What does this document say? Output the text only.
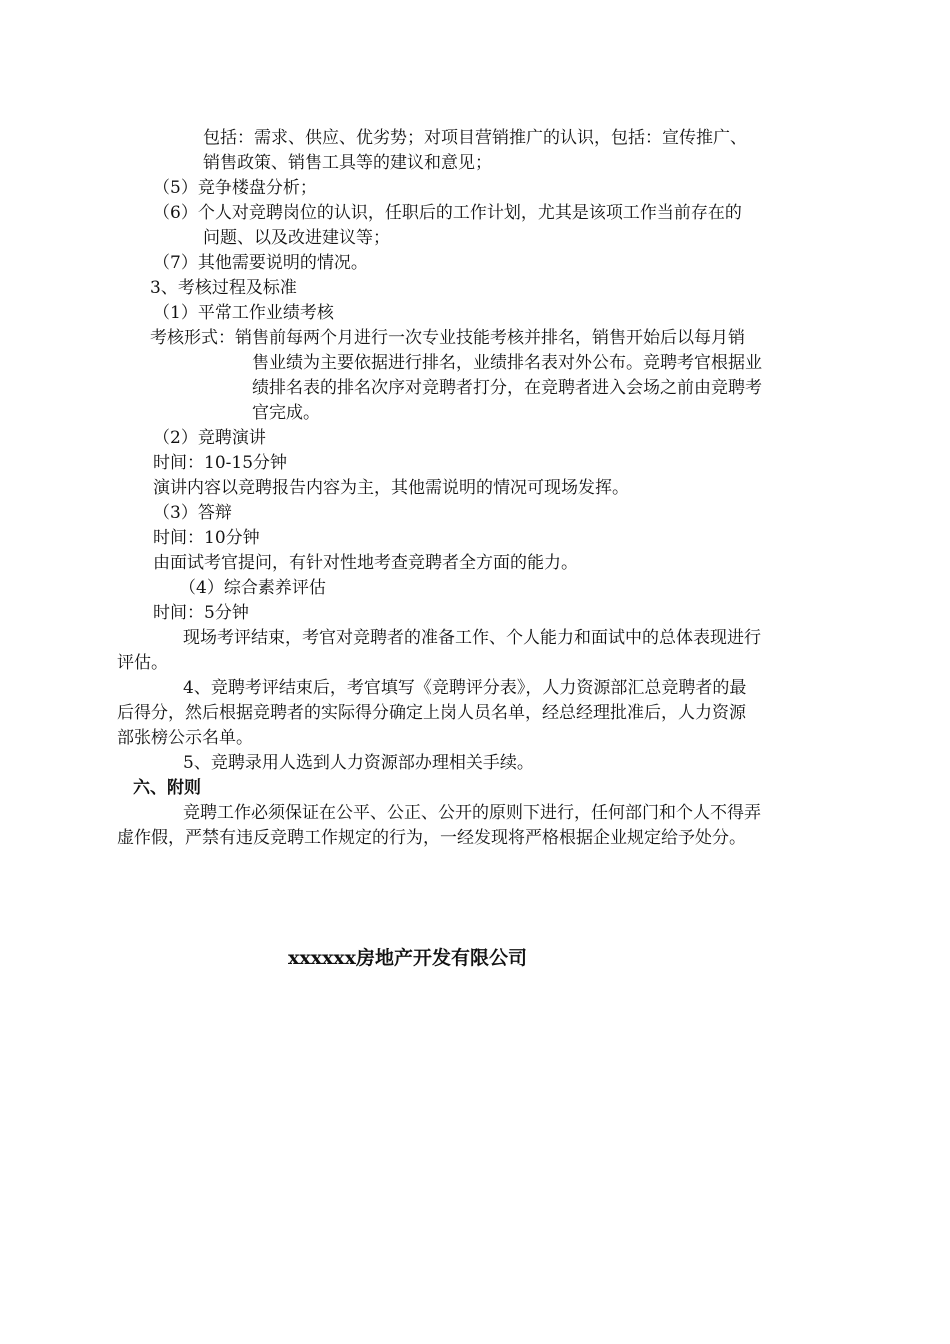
包括：需求、供应、优劣势；对项目营销推广的认识，包括：宣传推广、
销售政策、销售工具等的建议和意见；
（5）竞争楼盘分析；
（6）个人对竞聘岗位的认识，任职后的工作计划，尤其是该项工作当前存在的
问题、以及改进建议等；
（7）其他需要说明的情况。
3、考核过程及标准
（1）平常工作业绩考核
考核形式：销售前每两个月进行一次专业技能考核并排名，销售开始后以每月销
售业绩为主要依据进行排名，业绩排名表对外公布。竞聘考官根据业
绩排名表的排名次序对竞聘者打分，在竞聘者进入会场之前由竞聘考
官完成。
（2）竞聘演讲
时间：10-15分钟
演讲内容以竞聘报告内容为主，其他需说明的情况可现场发挥。
（3）答辩
时间：10分钟
由面试考官提问，有针对性地考查竞聘者全方面的能力。
（4）综合素养评估
时间：5分钟
现场考评结束，考官对竞聘者的准备工作、个人能力和面试中的总体表现进行
评估。
4、竞聘考评结束后，考官填写《竞聘评分表》，人力资源部汇总竞聘者的最
后得分，然后根据竞聘者的实际得分确定上岗人员名单，经总经理批准后，人力资源
部张榜公示名单。
5、竞聘录用人选到人力资源部办理相关手续。
六、附则
竞聘工作必须保证在公平、公正、公开的原则下进行，任何部门和个人不得弄
虚作假，严禁有违反竞聘工作规定的行为，一经发现将严格根据企业规定给予处分。
xxxxxx房地产开发有限公司
